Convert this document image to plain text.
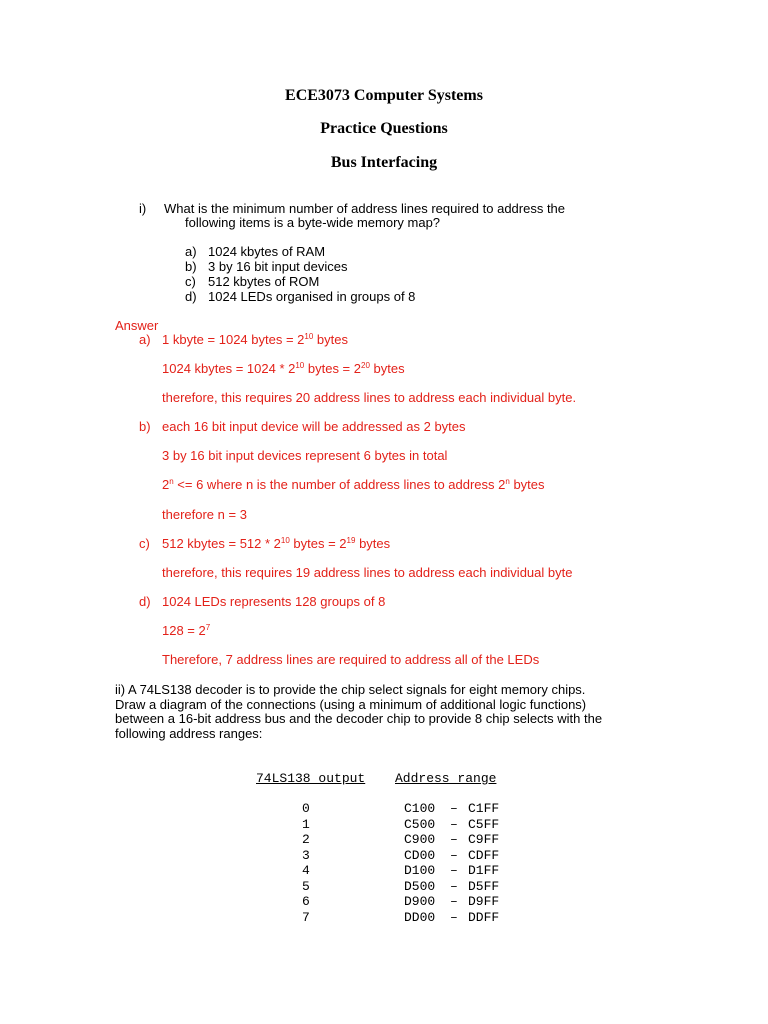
ECE3073 Computer Systems
Practice Questions
Bus Interfacing
i) What is the minimum number of address lines required to address the
following items is a byte-wide memory map?
a) 1024 kbytes of RAM
b) 3 by 16 bit input devices
c) 512 kbytes of ROM
d) 1024 LEDs organised in groups of 8
Answer
a) 1 kbyte = 1024 bytes = $2^{10}$ bytes
1024 kbytes = $1024 * 2^{10}$ bytes = $2^{20}$ bytes
therefore, this requires 20 address lines to address each individual byte.
b) each 16 bit input device will be addressed as 2 bytes
3 by 16 bit input devices represent 6 bytes in total
$2^n <= 6$ where n is the number of address lines to address 2$^n$ bytes
therefore n = 3
c) 512 kbytes = $512 * 2^{10}$ bytes = $2^{19}$ bytes
therefore, this requires 19 address lines to address each individual byte
d) 1024 LEDs represents 128 groups of 8
$128 = 2^7$
Therefore, 7 address lines are required to address all of the LEDs
ii) A 74LS138 decoder is to provide the chip select signals for eight memory chips.
Draw a diagram of the connections (using a minimum of additional logic functions)
between a 16-bit address bus and the decoder chip to provide 8 chip selects with the
following address ranges:
74LS138 output Address range
0	C100 – C1FF
1	C500 – C5FF
2	C900 – C9FF
3	CD00 – CDFF
4	D100 – D1FF
5	D500 – D5FF
6	D900 – D9FF
7	DD00 – DDFF
